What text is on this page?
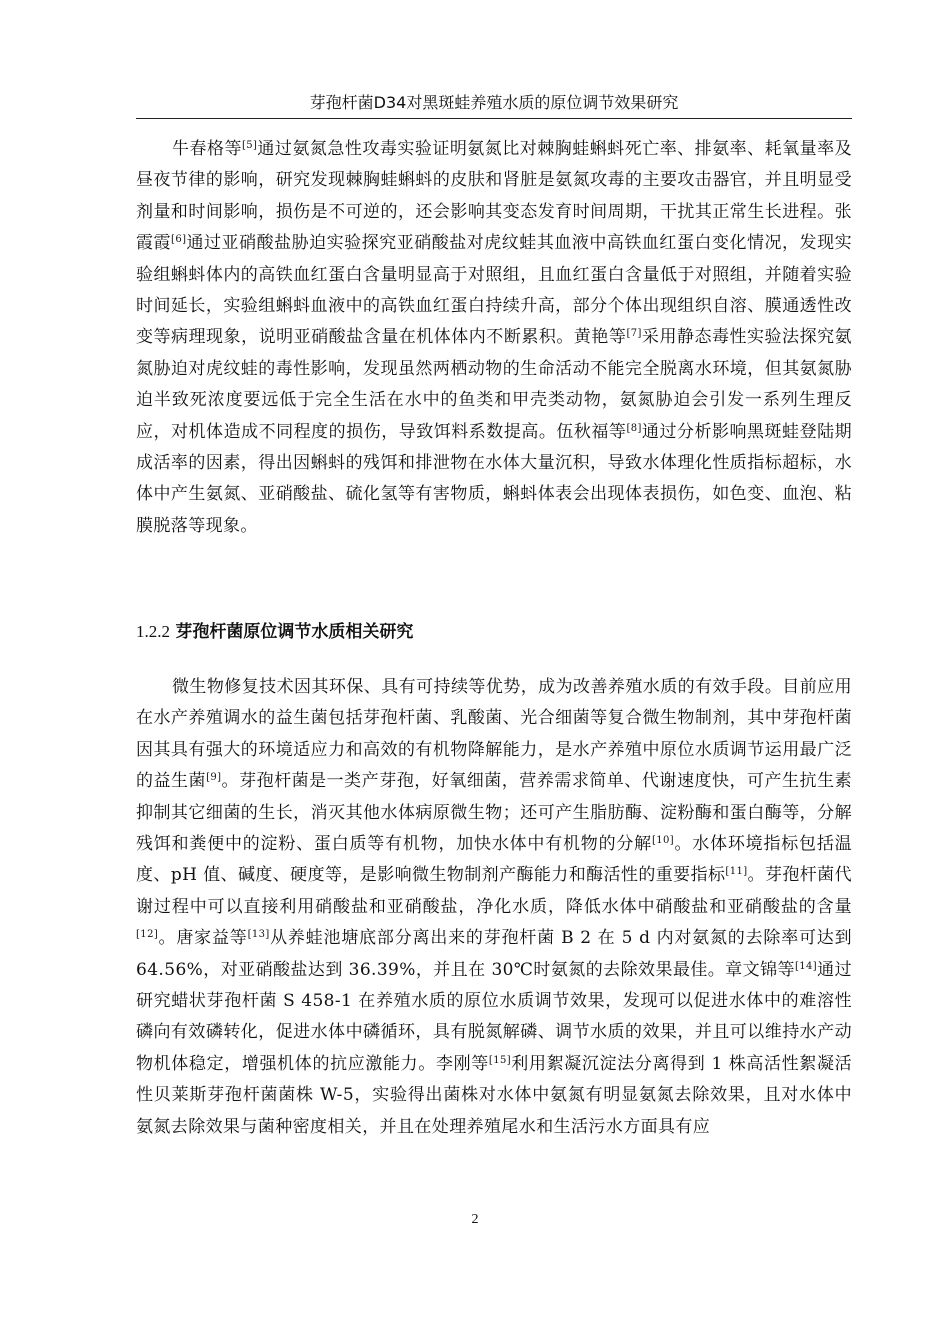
芽孢杆菌D34对黑斑蛙养殖水质的原位调节效果研究

牛春格等[5]通过氨氮急性攻毒实验证明氨氮比对棘胸蛙蝌蚪死亡率、排氨率、耗氧量率及昼夜节律的影响，研究发现棘胸蛙蝌蚪的皮肤和肾脏是氨氮攻毒的主要攻击器官，并且明显受剂量和时间影响，损伤是不可逆的，还会影响其变态发育时间周期，干扰其正常生长进程。张霞霞[6]通过亚硝酸盐胁迫实验探究亚硝酸盐对虎纹蛙其血液中高铁血红蛋白变化情况，发现实验组蝌蚪体内的高铁血红蛋白含量明显高于对照组，且血红蛋白含量低于对照组，并随着实验时间延长，实验组蝌蚪血液中的高铁血红蛋白持续升高，部分个体出现组织自溶、膜通透性改变等病理现象，说明亚硝酸盐含量在机体体内不断累积。黄艳等[7]采用静态毒性实验法探究氨氮胁迫对虎纹蛙的毒性影响，发现虽然两栖动物的生命活动不能完全脱离水环境，但其氨氮胁迫半致死浓度要远低于完全生活在水中的鱼类和甲壳类动物，氨氮胁迫会引发一系列生理反应，对机体造成不同程度的损伤，导致饵料系数提高。伍秋福等[8]通过分析影响黑斑蛙登陆期成活率的因素，得出因蝌蚪的残饵和排泄物在水体大量沉积，导致水体理化性质指标超标，水体中产生氨氮、亚硝酸盐、硫化氢等有害物质，蝌蚪体表会出现体表损伤，如色变、血泡、粘膜脱落等现象。

1.2.2 芽孢杆菌原位调节水质相关研究

微生物修复技术因其环保、具有可持续等优势，成为改善养殖水质的有效手段。目前应用在水产养殖调水的益生菌包括芽孢杆菌、乳酸菌、光合细菌等复合微生物制剂，其中芽孢杆菌因其具有强大的环境适应力和高效的有机物降解能力，是水产养殖中原位水质调节运用最广泛的益生菌[9]。芽孢杆菌是一类产芽孢，好氧细菌，营养需求简单、代谢速度快，可产生抗生素抑制其它细菌的生长，消灭其他水体病原微生物；还可产生脂肪酶、淀粉酶和蛋白酶等，分解残饵和粪便中的淀粉、蛋白质等有机物，加快水体中有机物的分解[10]。水体环境指标包括温度、pH 值、碱度、硬度等，是影响微生物制剂产酶能力和酶活性的重要指标[11]。芽孢杆菌代谢过程中可以直接利用硝酸盐和亚硝酸盐，净化水质，降低水体中硝酸盐和亚硝酸盐的含量[12]。唐家益等[13]从养蛙池塘底部分离出来的芽孢杆菌 B 2 在 5 d 内对氨氮的去除率可达到 64.56%，对亚硝酸盐达到 36.39%，并且在 30℃时氨氮的去除效果最佳。章文锦等[14]通过研究蜡状芽孢杆菌 S 458-1 在养殖水质的原位水质调节效果，发现可以促进水体中的难溶性磷向有效磷转化，促进水体中磷循环，具有脱氮解磷、调节水质的效果，并且可以维持水产动物机体稳定，增强机体的抗应激能力。李刚等[15]利用絮凝沉淀法分离得到 1 株高活性絮凝活性贝莱斯芽孢杆菌菌株 W-5，实验得出菌株对水体中氨氮有明显氨氮去除效果，且对水体中氨氮去除效果与菌种密度相关，并且在处理养殖尾水和生活污水方面具有应

2
